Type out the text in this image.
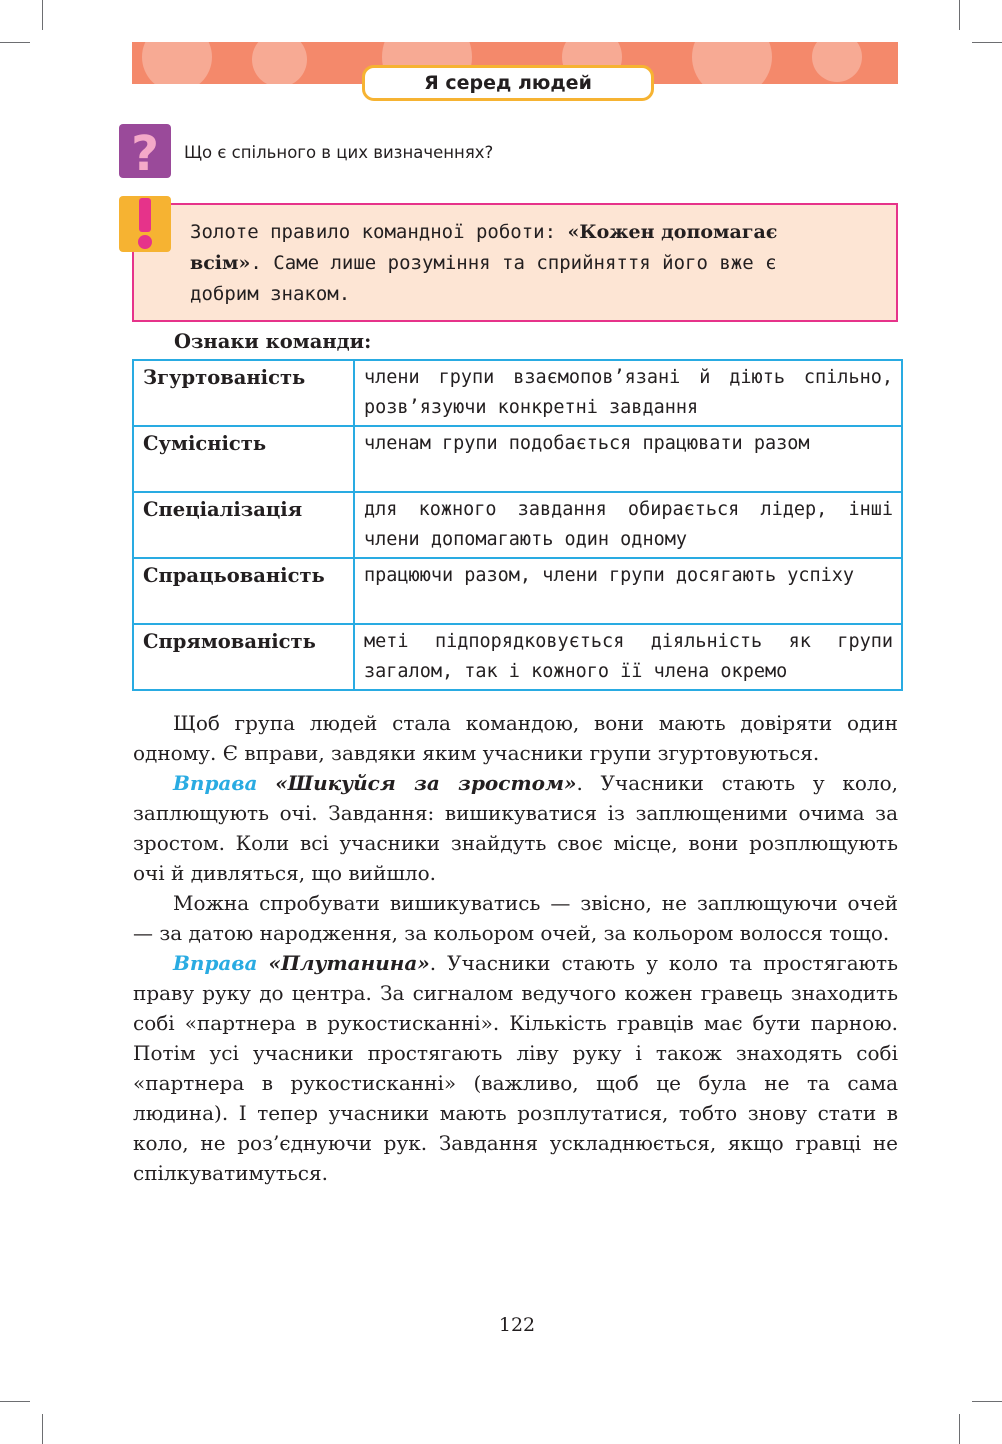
Я серед людей
? Що є спільного в цих визначеннях?
Золоте правило командної роботи: «Кожен допомагає всім». Саме лише розуміння та сприйняття його вже є добрим знаком.
Ознаки команди:
Згуртованість	члени групи взаємопов’язані й діють спільно, розв’язуючи конкретні завдання
Сумісність	членам групи подобається працювати разом
Спеціалізація	для кожного завдання обирається лідер, інші члени допомагають один одному
Спрацьованість	працюючи разом, члени групи досягають успіху
Спрямованість	меті підпорядковується діяльність як групи загалом, так і кожного її члена окремо

Щоб група людей стала командою, вони мають довіряти один одному. Є вправи, завдяки яким учасники групи згуртовуються.

Вправа «Шикуйся за зростом». Учасники стають у коло, заплющують очі. Завдання: вишикуватися із заплющеними очима за зростом. Коли всі учасники знайдуть своє місце, вони розплющують очі й дивляться, що вийшло.

Можна спробувати вишикуватись — звісно, не заплющуючи очей — за датою народження, за кольором очей, за кольором волосся тощо.

Вправа «Плутанина». Учасники стають у коло та простягають праву руку до центра. За сигналом ведучого кожен гравець знаходить собі «партнера в рукостисканні». Кількість гравців має бути парною. Потім усі учасники простягають ліву руку і також знаходять собі «партнера в рукостисканні» (важливо, щоб це була не та сама людина). І тепер учасники мають розплутатися, тобто знову стати в коло, не роз’єднуючи рук. Завдання ускладнюється, якщо гравці не спілкуватимуться.

122
